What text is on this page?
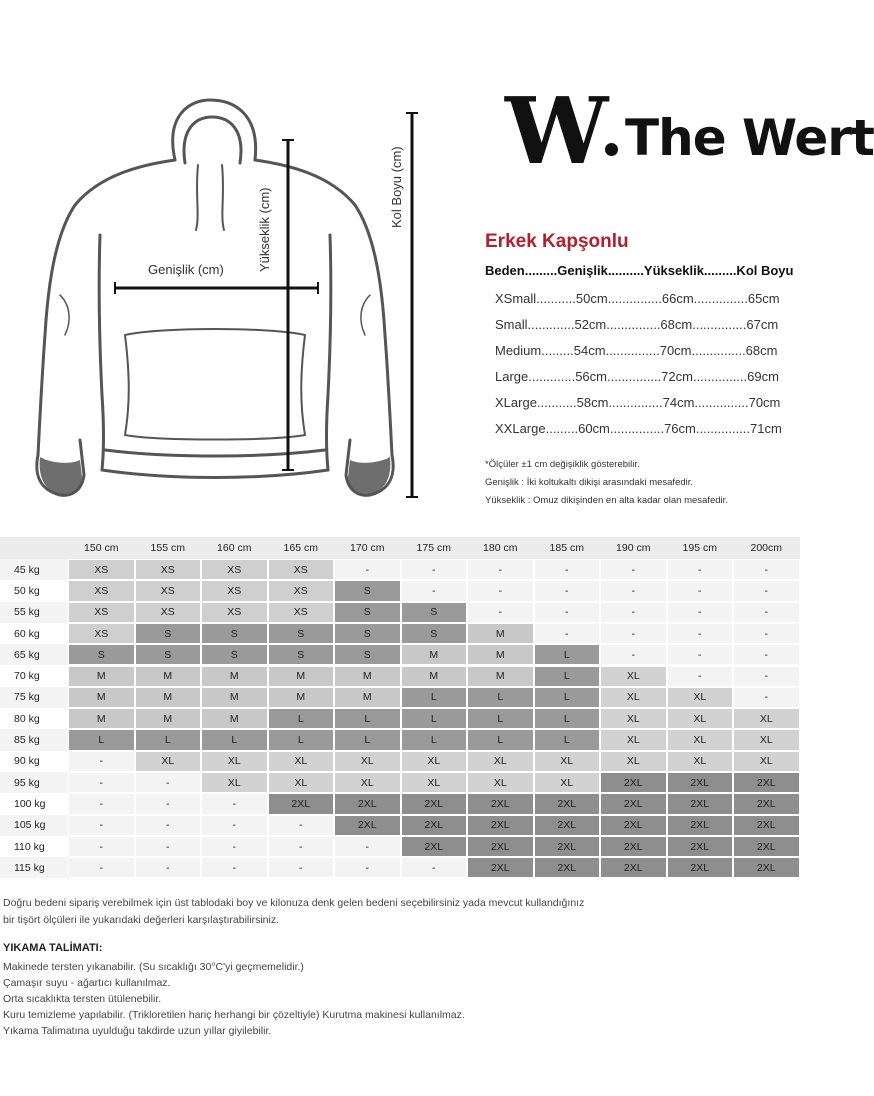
Genişlik (cm)	Yükseklik (cm)
Kol Boyu (cm)
W The Wert
Erkek Kapşonlu
Beden.........Genişlik..........Yükseklik.........Kol Boyu
XSmall...........50cm...............66cm...............65cm
Small.............52cm...............68cm...............67cm
Medium.........54cm...............70cm...............68cm
Large.............56cm...............72cm...............69cm
XLarge...........58cm...............74cm...............70cm
XXLarge.........60cm...............76cm...............71cm
*Ölçüler ±1 cm değişiklik gösterebilir.
Genişlik : İki koltukaltı dikişi arasındaki mesafedir.
Yükseklik : Omuz dikişinden en alta kadar olan mesafedir.
150 cm	155 cm	160 cm	165 cm	170 cm	175 cm	180 cm	185 cm	190 cm	195 cm	200cm
45 kg	XS	XS	XS	XS	-	-	-	-	-	-	-
50 kg	XS	XS	XS	XS	S	-	-	-	-	-	-
55 kg	XS	XS	XS	XS	S	S	-	-	-	-	-
60 kg	XS	S	S	S	S	S	M	-	-	-	-
65 kg	S	S	S	S	S	M	M	L	-	-	-
70 kg	M	M	M	M	M	M	M	L	XL	-	-
75 kg	M	M	M	M	M	L	L	L	XL	XL	-
80 kg	M	M	M	L	L	L	L	L	XL	XL	XL
85 kg	L	L	L	L	L	L	L	L	XL	XL	XL
90 kg	-	XL	XL	XL	XL	XL	XL	XL	XL	XL	XL
95 kg	-	-	XL	XL	XL	XL	XL	XL	2XL	2XL	2XL
100 kg	-	-	-	2XL	2XL	2XL	2XL	2XL	2XL	2XL	2XL
105 kg	-	-	-	-	2XL	2XL	2XL	2XL	2XL	2XL	2XL
110 kg	-	-	-	-	-	2XL	2XL	2XL	2XL	2XL	2XL
115 kg	-	-	-	-	-	-	2XL	2XL	2XL	2XL	2XL
Doğru bedeni sipariş verebilmek için üst tablodaki boy ve kilonuza denk gelen bedeni seçebilirsiniz yada mevcut kullandığınız
bir tişört ölçüleri ile yukarıdaki değerleri karşılaştırabilirsiniz.
YIKAMA TALİMATI:
Makinede tersten yıkanabilir. (Su sıcaklığı 30°C'yi geçmemelidir.)
Çamaşır suyu - ağartıcı kullanılmaz.
Orta sıcaklıkta tersten ütülenebilir.
Kuru temizleme yapılabilir. (Trikloretilen hariç herhangi bir çözeltiyle) Kurutma makinesi kullanılmaz.
Yıkama Talimatına uyulduğu takdirde uzun yıllar giyilebilir.
